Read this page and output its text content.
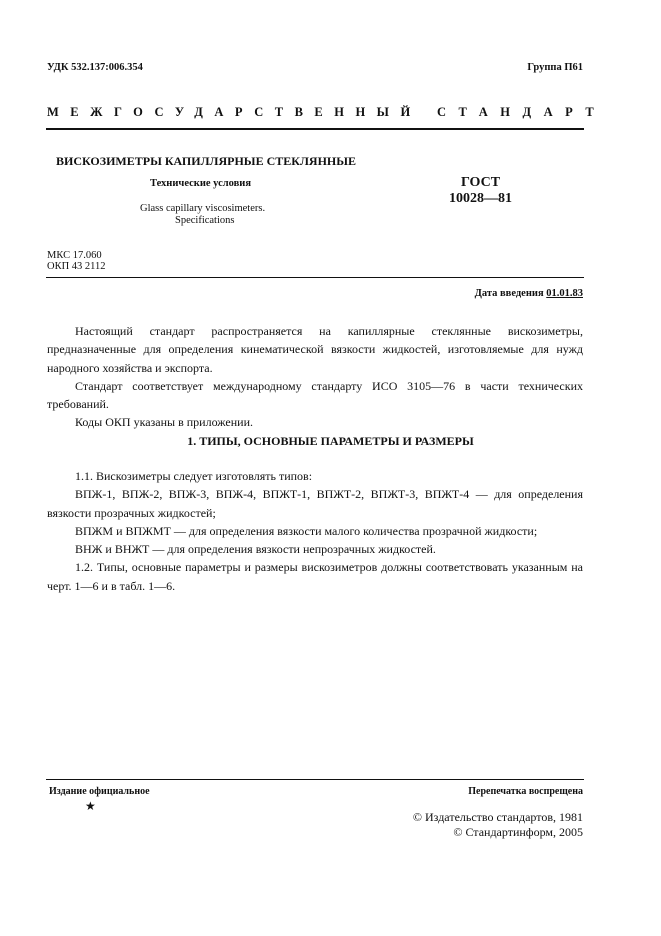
УДК 532.137:006.354	Группа П61
МЕЖГОСУДАРСТВЕННЫЙ СТАНДАРТ
ВИСКОЗИМЕТРЫ КАПИЛЛЯРНЫЕ СТЕКЛЯННЫЕ
Технические условия
Glass capillary viscosimeters.
Specifications
ГОСТ
10028—81
МКС 17.060
ОКП 43 2112
Дата введения 01.01.83

Настоящий стандарт распространяется на капиллярные стеклянные вискозиметры, предназначенные для определения кинематической вязкости жидкостей, изготовляемые для нужд народного хозяйства и экспорта.

Стандарт соответствует международному стандарту ИСО 3105—76 в части технических требований.

Коды ОКП указаны в приложении.

1. ТИПЫ, ОСНОВНЫЕ ПАРАМЕТРЫ И РАЗМЕРЫ

1.1. Вискозиметры следует изготовлять типов:

ВПЖ-1, ВПЖ-2, ВПЖ-3, ВПЖ-4, ВПЖТ-1, ВПЖТ-2, ВПЖТ-3, ВПЖТ-4 — для определения вязкости прозрачных жидкостей;

ВПЖМ и ВПЖМТ — для определения вязкости малого количества прозрачной жидкости;

ВНЖ и ВНЖТ — для определения вязкости непрозрачных жидкостей.

1.2. Типы, основные параметры и размеры вискозиметров должны соответствовать указанным на черт. 1—6 и в табл. 1—6.

Издание официальное	Перепечатка воспрещена
★
© Издательство стандартов, 1981
© Стандартинформ, 2005
